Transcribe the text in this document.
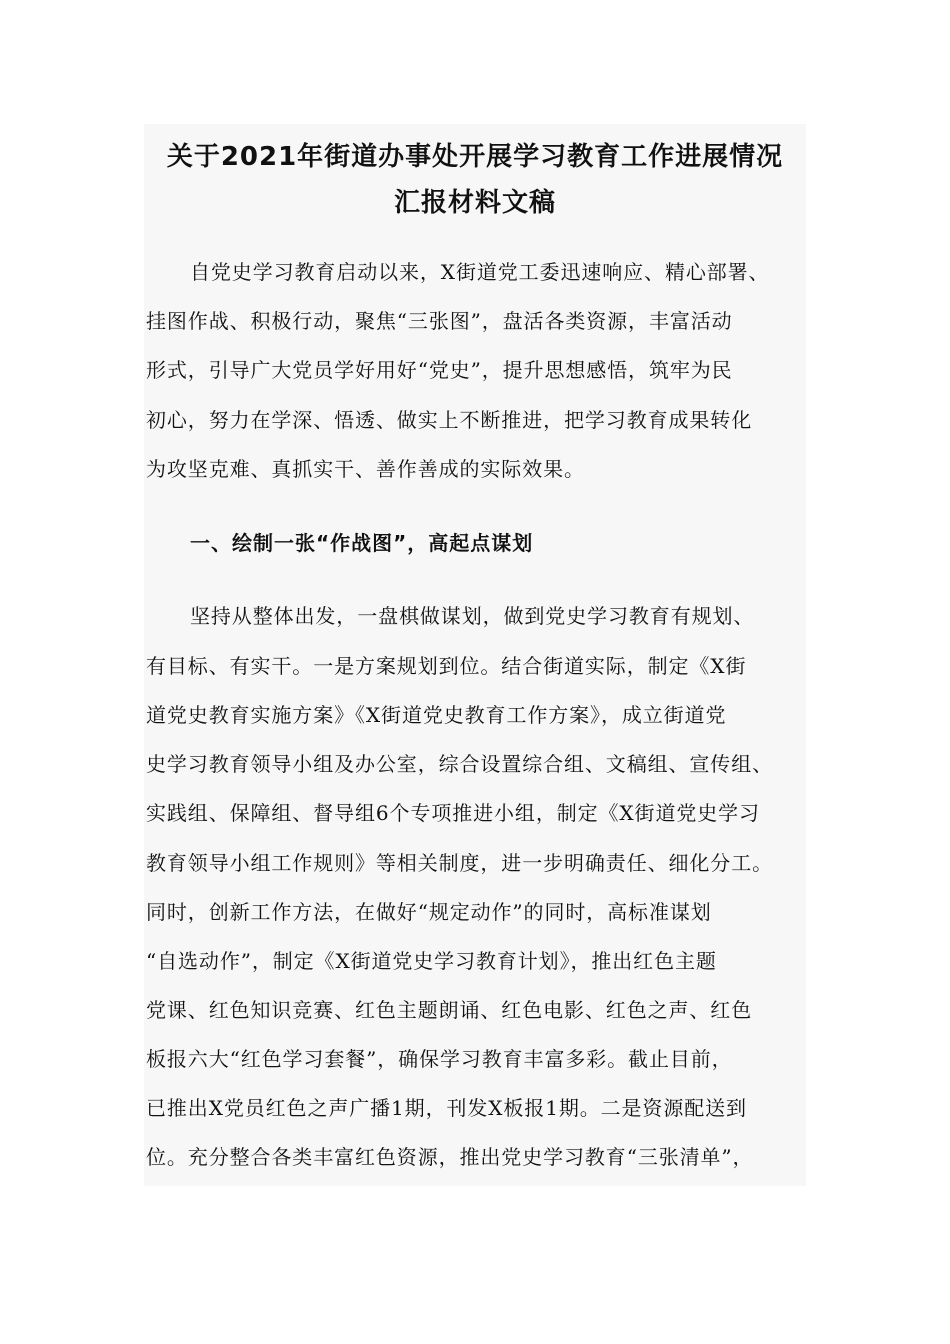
关于2021年街道办事处开展学习教育工作进展情况
汇报材料文稿
自党史学习教育启动以来，X街道党工委迅速响应、精心部署、
挂图作战、积极行动，聚焦“三张图”，盘活各类资源，丰富活动
形式，引导广大党员学好用好“党史”，提升思想感悟，筑牢为民
初心，努力在学深、悟透、做实上不断推进，把学习教育成果转化
为攻坚克难、真抓实干、善作善成的实际效果。
一、绘制一张“作战图”，高起点谋划
坚持从整体出发，一盘棋做谋划，做到党史学习教育有规划、
有目标、有实干。一是方案规划到位。结合街道实际，制定《X街
道党史教育实施方案》《X街道党史教育工作方案》，成立街道党
史学习教育领导小组及办公室，综合设置综合组、文稿组、宣传组、
实践组、保障组、督导组6个专项推进小组，制定《X街道党史学习
教育领导小组工作规则》等相关制度，进一步明确责任、细化分工。
同时，创新工作方法，在做好“规定动作”的同时，高标准谋划
“自选动作”，制定《X街道党史学习教育计划》，推出红色主题
党课、红色知识竞赛、红色主题朗诵、红色电影、红色之声、红色
板报六大“红色学习套餐”，确保学习教育丰富多彩。截止目前，
已推出X党员红色之声广播1期，刊发X板报1期。二是资源配送到
位。充分整合各类丰富红色资源，推出党史学习教育“三张清单”，
